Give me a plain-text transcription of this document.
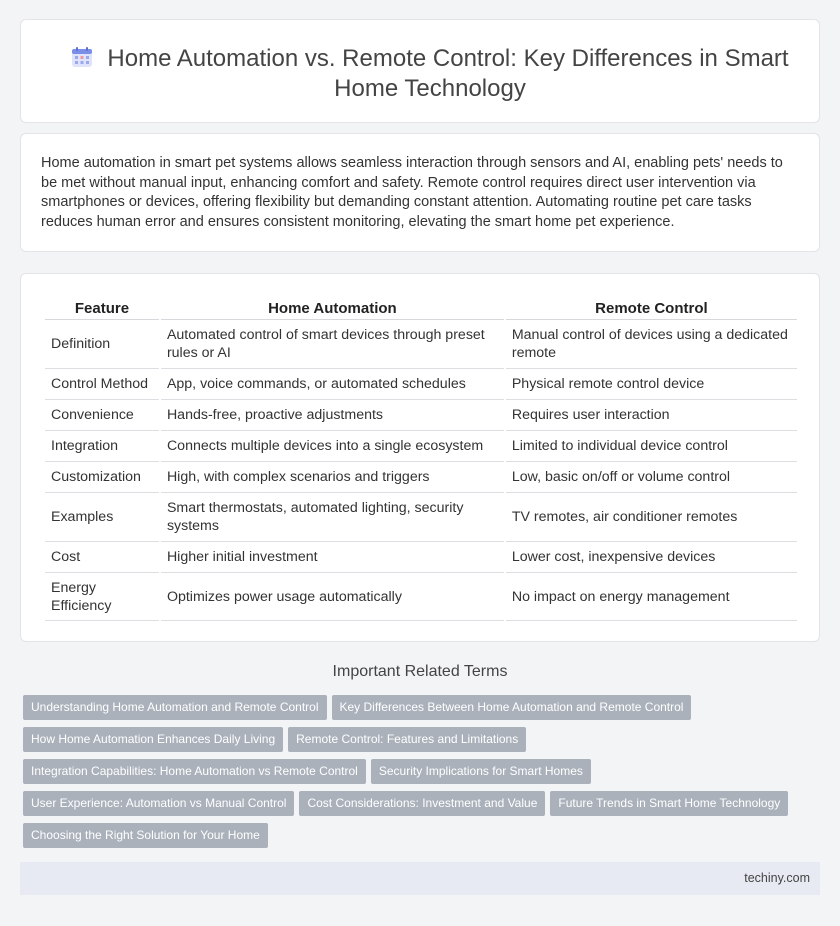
Home Automation vs. Remote Control: Key Differences in Smart Home Technology

Home automation in smart pet systems allows seamless interaction through sensors and AI, enabling pets' needs to be met without manual input, enhancing comfort and safety. Remote control requires direct user intervention via smartphones or devices, offering flexibility but demanding constant attention. Automating routine pet care tasks reduces human error and ensures consistent monitoring, elevating the smart home pet experience.

Feature	Home Automation	Remote Control
Definition	Automated control of smart devices through preset rules or AI	Manual control of devices using a dedicated remote
Control Method	App, voice commands, or automated schedules	Physical remote control device
Convenience	Hands-free, proactive adjustments	Requires user interaction
Integration	Connects multiple devices into a single ecosystem	Limited to individual device control
Customization	High, with complex scenarios and triggers	Low, basic on/off or volume control
Examples	Smart thermostats, automated lighting, security systems	TV remotes, air conditioner remotes
Cost	Higher initial investment	Lower cost, inexpensive devices
Energy Efficiency	Optimizes power usage automatically	No impact on energy management
Important Related Terms
Understanding Home Automation and Remote Control Key Differences Between Home Automation and Remote Control
How Home Automation Enhances Daily Living Remote Control: Features and Limitations
Integration Capabilities: Home Automation vs Remote Control Security Implications for Smart Homes
User Experience: Automation vs Manual Control Cost Considerations: Investment and Value Future Trends in Smart Home Technology
Choosing the Right Solution for Your Home
techiny.com
